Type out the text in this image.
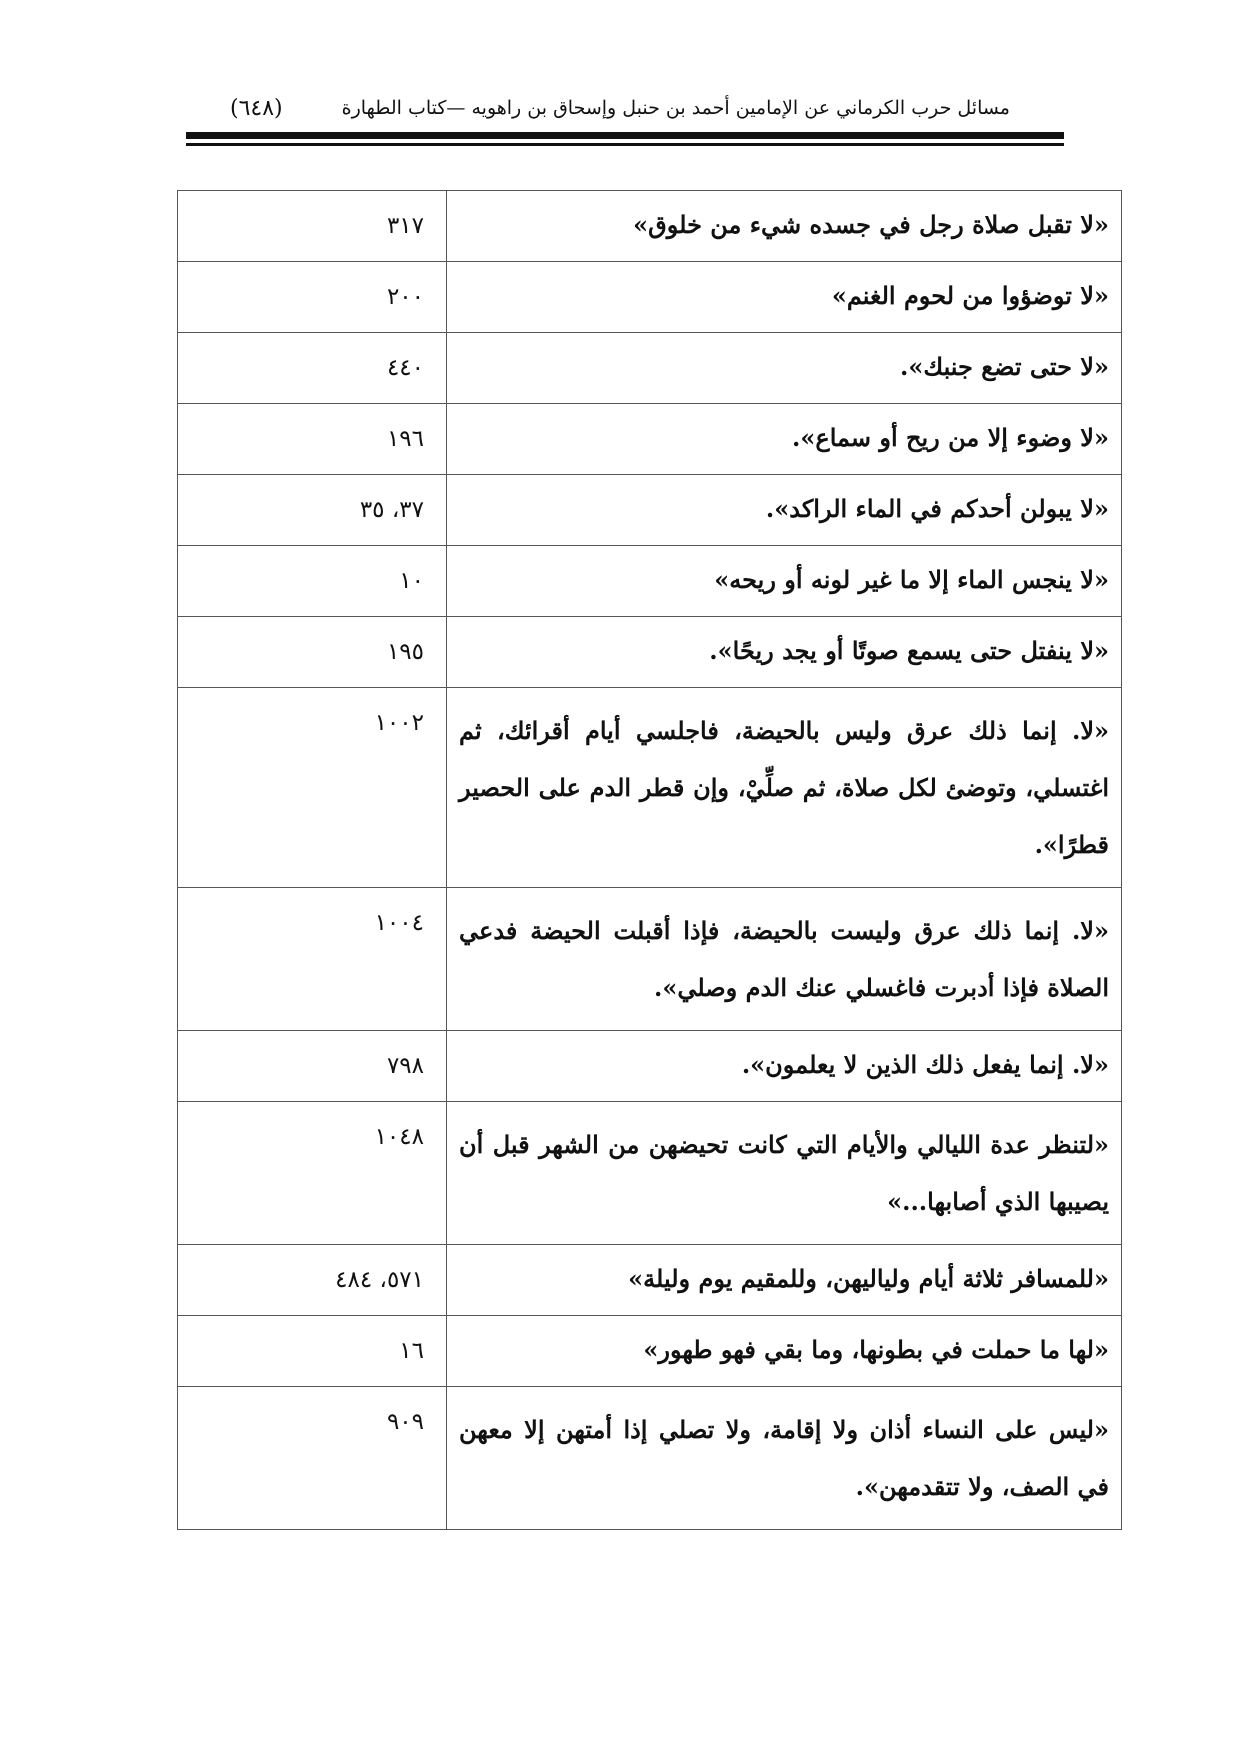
مسائل حرب الكرماني عن الإمامين أحمد بن حنبل وإسحاق بن راهويه —كتاب الطهارة
(٦٤٨)
«لا تقبل صلاة رجل في جسده شيء من خلوق»	٣١٧
«لا توضؤوا من لحوم الغنم»	٢٠٠
«لا حتى تضع جنبك».	٤٤٠
«لا وضوء إلا من ريح أو سماع».	١٩٦
«لا يبولن أحدكم في الماء الراكد».	٣٧، ٣٥
«لا ينجس الماء إلا ما غير لونه أو ريحه»	١٠
«لا ينفتل حتى يسمع صوتًا أو يجد ريحًا».	١٩٥
«لا. إنما ذلك عرق وليس بالحيضة، فاجلسي أيام أقرائك، ثم اغتسلي، وتوضئ لكل صلاة، ثم صلِّيْ، وإن قطر الدم على الحصير قطرًا».	١٠٠٢
«لا. إنما ذلك عرق وليست بالحيضة، فإذا أقبلت الحيضة فدعي الصلاة فإذا أدبرت فاغسلي عنك الدم وصلي».	١٠٠٤
«لا. إنما يفعل ذلك الذين لا يعلمون».	٧٩٨
«لتنظر عدة الليالي والأيام التي كانت تحيضهن من الشهر قبل أن يصيبها الذي أصابها...»	١٠٤٨
«للمسافر ثلاثة أيام ولياليهن، وللمقيم يوم وليلة»	٥٧١، ٤٨٤
«لها ما حملت في بطونها، وما بقي فهو طهور»	١٦
«ليس على النساء أذان ولا إقامة، ولا تصلي إذا أمتهن إلا معهن في الصف، ولا تتقدمهن».	٩٠٩
